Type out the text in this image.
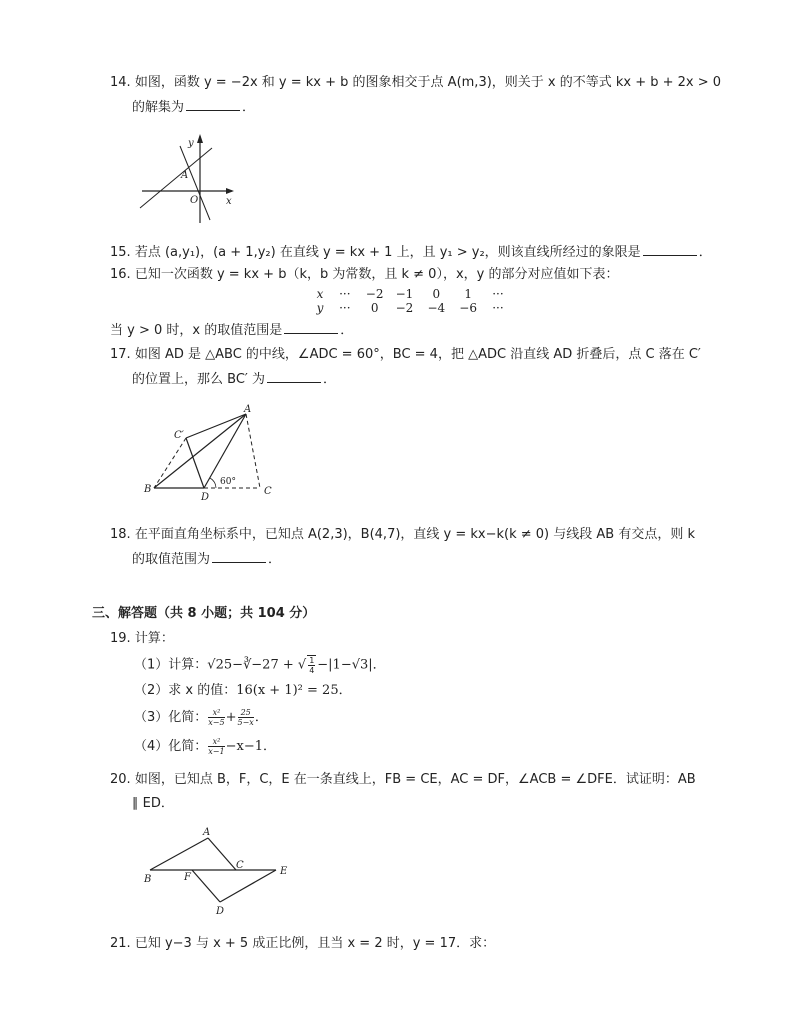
14. 如图，函数 y = −2x 和 y = kx + b 的图象相交于点 A(m,3)，则关于 x 的不等式 kx + b + 2x > 0
的解集为	．
y
A
O	x
15. 若点 (a,y₁)，(a + 1,y₂) 在直线 y = kx + 1 上，且 y₁ > y₂，则该直线所经过的象限是	．
16. 已知一次函数 y = kx + b（k，b 为常数，且 k ≠ 0），x，y 的部分对应值如下表：
x ··· −2 −1 0 1 ···
y ··· 0 −2 −4 −6 ···
当 y > 0 时，x 的取值范围是	．
17. 如图 AD 是 △ABC 的中线，∠ADC = 60°，BC = 4，把 △ADC 沿直线 AD 折叠后，点 C 落在 C′
的位置上，那么 BC′ 为	．
A
C′
B
D
C
60°
18. 在平面直角坐标系中，已知点 A(2,3)，B(4,7)，直线 y = kx−k(k ≠ 0) 与线段 AB 有交点，则 k
的取值范围为	．
三、解答题（共 8 小题；共 104 分）
19. 计算：
（1）计算：√25−∛−27 + √ $\frac{1}{4} -|1-√3|$．
（2）求 x 的值：16(x + 1)² = 25．
（3）化简： $\frac{\text{x²}}{x-5} + \frac{25}{5-x}$ ．
（4）化简： $\frac{\text{x²}}{x-1} -x-1$．
20. 如图，已知点 B，F，C，E 在一条直线上，FB = CE，AC = DF，∠ACB = ∠DFE．试证明：AB
∥ ED．
A
B	F
C
E
D
21. 已知 y−3 与 x + 5 成正比例，且当 x = 2 时，y = 17．求：
